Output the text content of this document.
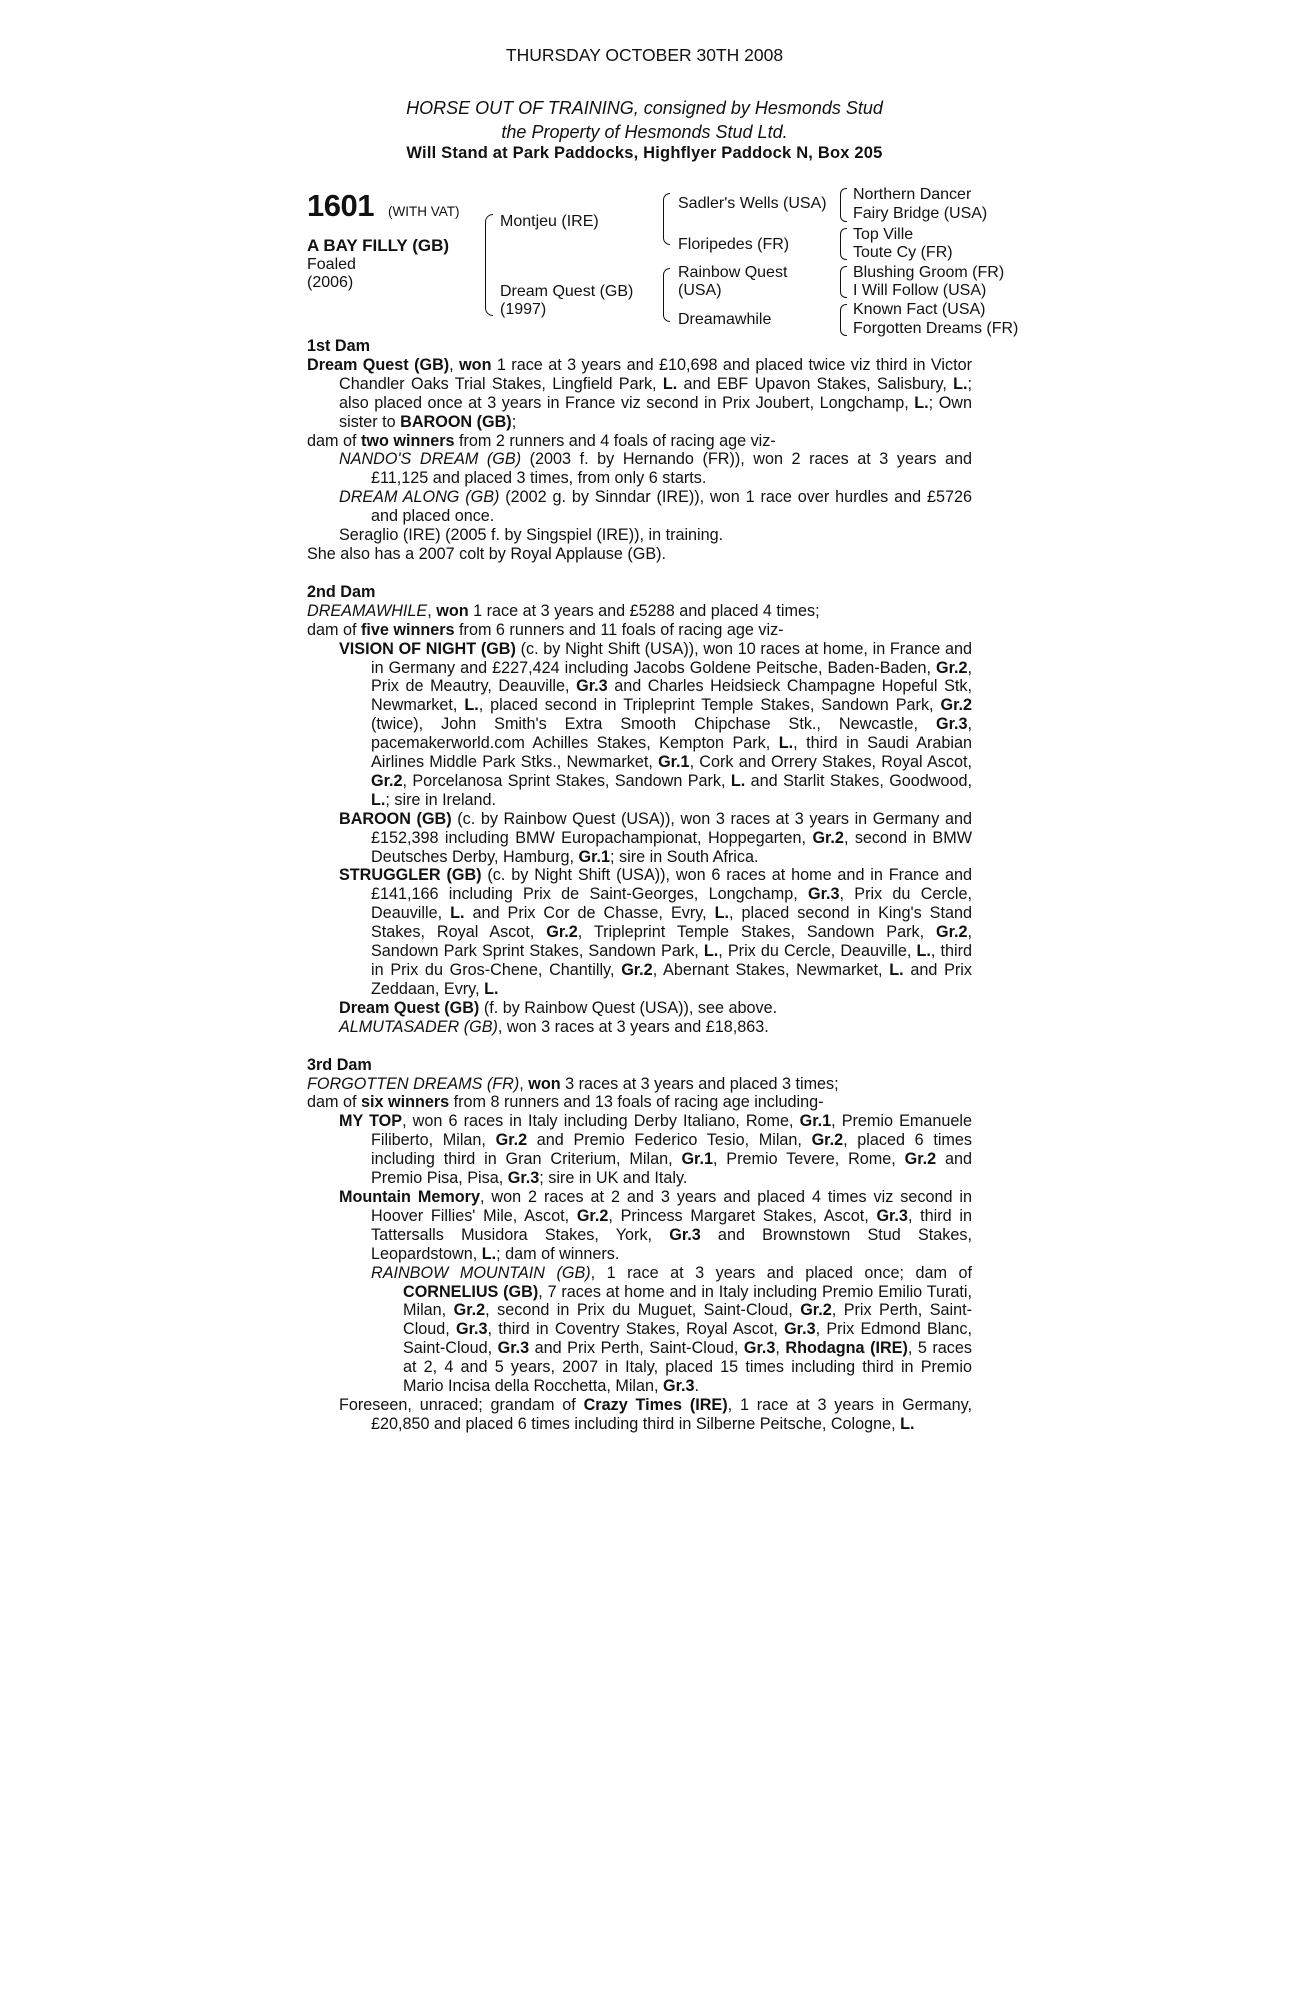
THURSDAY OCTOBER 30TH 2008
HORSE OUT OF TRAINING, consigned by Hesmonds Stud
the Property of Hesmonds Stud Ltd.
Will Stand at Park Paddocks, Highflyer Paddock N, Box 205
1601 (WITH VAT)
A BAY FILLY (GB)
Foaled
(2006)
Montjeu (IRE)
Dream Quest (GB)
(1997)
Sadler's Wells (USA)
Floripedes (FR)
Rainbow Quest
(USA)
Dreamawhile
Northern Dancer
Fairy Bridge (USA)
Top Ville
Toute Cy (FR)
Blushing Groom (FR)
I Will Follow (USA)
Known Fact (USA)
Forgotten Dreams (FR)
1st Dam
Dream Quest (GB), won 1 race at 3 years and £10,698 and placed twice viz third in Victor Chandler Oaks Trial Stakes, Lingfield Park, L. and EBF Upavon Stakes, Salisbury, L.; also placed once at 3 years in France viz second in Prix Joubert, Longchamp, L.; Own sister to BAROON (GB);
dam of two winners from 2 runners and 4 foals of racing age viz-
NANDO'S DREAM (GB) (2003 f. by Hernando (FR)), won 2 races at 3 years and £11,125 and placed 3 times, from only 6 starts.
DREAM ALONG (GB) (2002 g. by Sinndar (IRE)), won 1 race over hurdles and £5726 and placed once.
Seraglio (IRE) (2005 f. by Singspiel (IRE)), in training.
She also has a 2007 colt by Royal Applause (GB).
2nd Dam
DREAMAWHILE, won 1 race at 3 years and £5288 and placed 4 times;
dam of five winners from 6 runners and 11 foals of racing age viz-
VISION OF NIGHT (GB) (c. by Night Shift (USA)), won 10 races at home, in France and in Germany and £227,424 including Jacobs Goldene Peitsche, Baden-Baden, Gr.2, Prix de Meautry, Deauville, Gr.3 and Charles Heidsieck Champagne Hopeful Stk, Newmarket, L., placed second in Tripleprint Temple Stakes, Sandown Park, Gr.2 (twice), John Smith's Extra Smooth Chipchase Stk., Newcastle, Gr.3, pacemakerworld.com Achilles Stakes, Kempton Park, L., third in Saudi Arabian Airlines Middle Park Stks., Newmarket, Gr.1, Cork and Orrery Stakes, Royal Ascot, Gr.2, Porcelanosa Sprint Stakes, Sandown Park, L. and Starlit Stakes, Goodwood, L.; sire in Ireland.
BAROON (GB) (c. by Rainbow Quest (USA)), won 3 races at 3 years in Germany and £152,398 including BMW Europachampionat, Hoppegarten, Gr.2, second in BMW Deutsches Derby, Hamburg, Gr.1; sire in South Africa.
STRUGGLER (GB) (c. by Night Shift (USA)), won 6 races at home and in France and £141,166 including Prix de Saint-Georges, Longchamp, Gr.3, Prix du Cercle, Deauville, L. and Prix Cor de Chasse, Evry, L., placed second in King's Stand Stakes, Royal Ascot, Gr.2, Tripleprint Temple Stakes, Sandown Park, Gr.2, Sandown Park Sprint Stakes, Sandown Park, L., Prix du Cercle, Deauville, L., third in Prix du Gros-Chene, Chantilly, Gr.2, Abernant Stakes, Newmarket, L. and Prix Zeddaan, Evry, L.
Dream Quest (GB) (f. by Rainbow Quest (USA)), see above.
ALMUTASADER (GB), won 3 races at 3 years and £18,863.
3rd Dam
FORGOTTEN DREAMS (FR), won 3 races at 3 years and placed 3 times;
dam of six winners from 8 runners and 13 foals of racing age including-
MY TOP, won 6 races in Italy including Derby Italiano, Rome, Gr.1, Premio Emanuele Filiberto, Milan, Gr.2 and Premio Federico Tesio, Milan, Gr.2, placed 6 times including third in Gran Criterium, Milan, Gr.1, Premio Tevere, Rome, Gr.2 and Premio Pisa, Pisa, Gr.3; sire in UK and Italy.
Mountain Memory, won 2 races at 2 and 3 years and placed 4 times viz second in Hoover Fillies' Mile, Ascot, Gr.2, Princess Margaret Stakes, Ascot, Gr.3, third in Tattersalls Musidora Stakes, York, Gr.3 and Brownstown Stud Stakes, Leopardstown, L.; dam of winners.
RAINBOW MOUNTAIN (GB), 1 race at 3 years and placed once; dam of CORNELIUS (GB), 7 races at home and in Italy including Premio Emilio Turati, Milan, Gr.2, second in Prix du Muguet, Saint-Cloud, Gr.2, Prix Perth, Saint-Cloud, Gr.3, third in Coventry Stakes, Royal Ascot, Gr.3, Prix Edmond Blanc, Saint-Cloud, Gr.3 and Prix Perth, Saint-Cloud, Gr.3, Rhodagna (IRE), 5 races at 2, 4 and 5 years, 2007 in Italy, placed 15 times including third in Premio Mario Incisa della Rocchetta, Milan, Gr.3.
Foreseen, unraced; grandam of Crazy Times (IRE), 1 race at 3 years in Germany, £20,850 and placed 6 times including third in Silberne Peitsche, Cologne, L.
